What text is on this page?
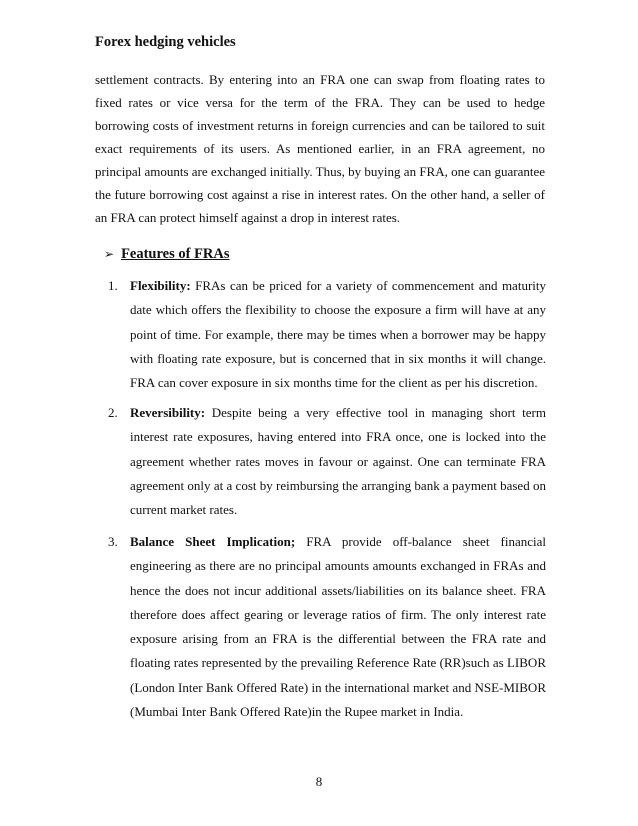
Forex hedging vehicles

settlement contracts. By entering into an FRA one can swap from floating rates to fixed rates or vice versa for the term of the FRA. They can be used to hedge borrowing costs of investment returns in foreign currencies and can be tailored to suit exact requirements of its users. As mentioned earlier, in an FRA agreement, no principal amounts are exchanged initially. Thus, by buying an FRA, one can guarantee the future borrowing cost against a rise in interest rates. On the other hand, a seller of an FRA can protect himself against a drop in interest rates.

➢ Features of FRAs
1. Flexibility: FRAs can be priced for a variety of commencement and maturity date which offers the flexibility to choose the exposure a firm will have at any point of time. For example, there may be times when a borrower may be happy with floating rate exposure, but is concerned that in six months it will change. FRA can cover exposure in six months time for the client as per his discretion.
2. Reversibility: Despite being a very effective tool in managing short term interest rate exposures, having entered into FRA once, one is locked into the agreement whether rates moves in favour or against. One can terminate FRA agreement only at a cost by reimbursing the arranging bank a payment based on current market rates.
3. Balance Sheet Implication; FRA provide off-balance sheet financial engineering as there are no principal amounts amounts exchanged in FRAs and hence the does not incur additional assets/liabilities on its balance sheet. FRA therefore does affect gearing or leverage ratios of firm. The only interest rate exposure arising from an FRA is the differential between the FRA rate and floating rates represented by the prevailing Reference Rate (RR)such as LIBOR (London Inter Bank Offered Rate) in the international market and NSE-MIBOR (Mumbai Inter Bank Offered Rate)in the Rupee market in India.

8
